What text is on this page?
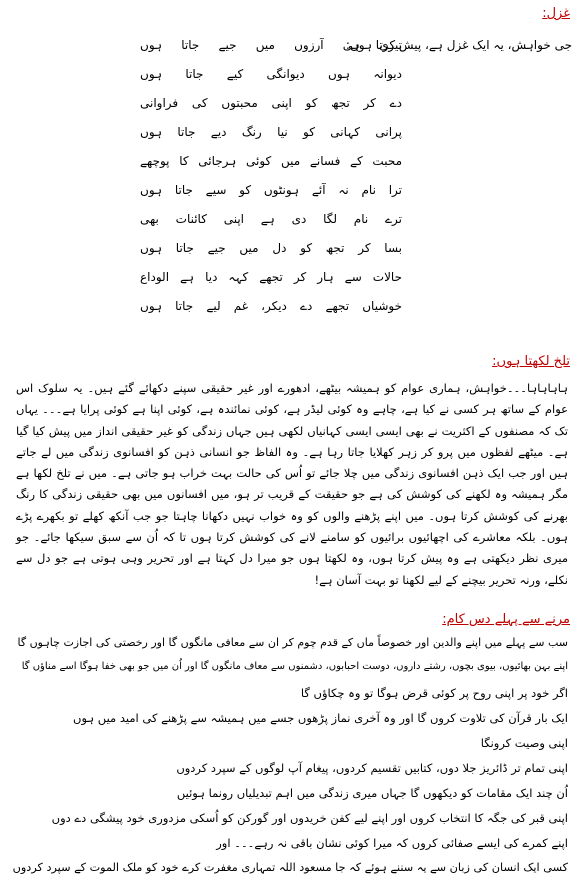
غزل:
جی خواہش، یہ ایک غزل ہے، پیش کرتا ہوں:
تیری ہی آرزوں میں جیے جاتا ہوں
دیوانہ ہوں دیوانگی کیے جاتا ہوں
دے کر تجھ کو اپنی محبتوں کی فراوانی
پرانی کہانی کو نیا رنگ دیے جاتا ہوں
محبت کے فسانے میں کوئی ہرجائی کا پوچھے
ترا نام نہ آئے ہونٹوں کو سیے جاتا ہوں
ترے نام لگا دی ہے اپنی کائنات بھی
بسا کر تجھ کو دل میں جیے جاتا ہوں
حالات سے ہار کر تجھے کہہ دیا ہے الوداع
خوشیاں تجھے دے دیکر، غم لیے جاتا ہوں
تلخ لکھتا ہوں:
ہاہاہاہا۔۔۔خواہش، ہماری عوام کو ہمیشہ بیٹھے، ادھورے اور غیر حقیقی سپنے دکھائے گئے ہیں۔ یہ سلوک اس عوام کے ساتھ ہر کسی نے کیا ہے، چاہے وہ کوئی لیڈر ہے، کوئی نمائندہ ہے، کوئی اپنا ہے کوئی پرایا ہے۔۔۔ یہاں تک کہ مصنفوں کے اکثریت نے بھی ایسی ایسی کہانیاں لکھی ہیں جہاں زندگی کو غیر حقیقی انداز میں پیش کیا گیا ہے۔ میٹھے لفظوں میں پرو کر زہر کھلایا جاتا رہا ہے۔ وہ الفاظ جو انسانی ذہن کو افسانوی زندگی میں لے جاتے ہیں اور جب ایک ذہن افسانوی زندگی میں چلا جائے تو اُس کی حالت بہت خراب ہو جاتی ہے۔ میں نے تلخ لکھا ہے مگر ہمیشہ وہ لکھنے کی کوشش کی ہے جو حقیقت کے قریب تر ہو، میں افسانوں میں بھی حقیقی زندگی کا رنگ بھرنے کی کوشش کرتا ہوں۔ میں اپنے پڑھنے والوں کو وہ خواب نہیں دکھانا چاہتا جو جب آنکھ کھلے تو بکھرے پڑے ہوں۔ بلکہ معاشرے کی اچھائیوں برائیوں کو سامنے لانے کی کوشش کرتا ہوں تا کہ اُن سے سبق سیکھا جائے۔ جو میری نظر دیکھتی ہے وہ پیش کرتا ہوں، وہ لکھتا ہوں جو میرا دل کہتا ہے اور تحریر وہی ہوتی ہے جو دل سے نکلے، ورنہ تحریر بیچنے کے لیے لکھنا تو بہت آسان ہے!
مرنے سے پہلے دس کام:
سب سے پہلے میں اپنے والدین اور خصوصاً ماں کے قدم چوم کر ان سے معافی مانگوں گا اور رخصتی کی اجازت چاہوں گا
اپنے بہن بھائیوں، بیوی بچوں، رشتے داروں، دوست احبابوں، دشمنوں سے معاف مانگوں گا اور اُن میں جو بھی خفا ہوگا اسے مناؤں گا
اگر خود پر اپنی روح پر کوئی قرض ہوگا تو وہ چکاؤں گا
ایک بار قرآن کی تلاوت کروں گا اور وہ آخری نماز پڑھوں جسے میں ہمیشہ سے پڑھنے کی امید میں ہوں
اپنی وصیت کرونگا
اپنی تمام تر ڈائریز جلا دوں، کتابیں تقسیم کردوں، پیغام آپ لوگوں کے سپرد کردوں
اُن چند ایک مقامات کو دیکھوں گا جہاں میری زندگی میں اہم تبدیلیاں رونما ہوئیں
اپنی قبر کی جگہ کا انتخاب کروں اور اپنے لیے کفن خریدوں اور گورکن کو اُسکی مزدوری خود پیشگی دے دوں
اپنے کمرے کی ایسے صفائی کروں کہ میرا کوئی نشان باقی نہ رہے۔۔۔ اور
کسی ایک انسان کی زبان سے یہ سننے ہوئے کہ جا مسعود اللہ تمہاری مغفرت کرے خود کو ملک الموت کے سپرد کردوں
